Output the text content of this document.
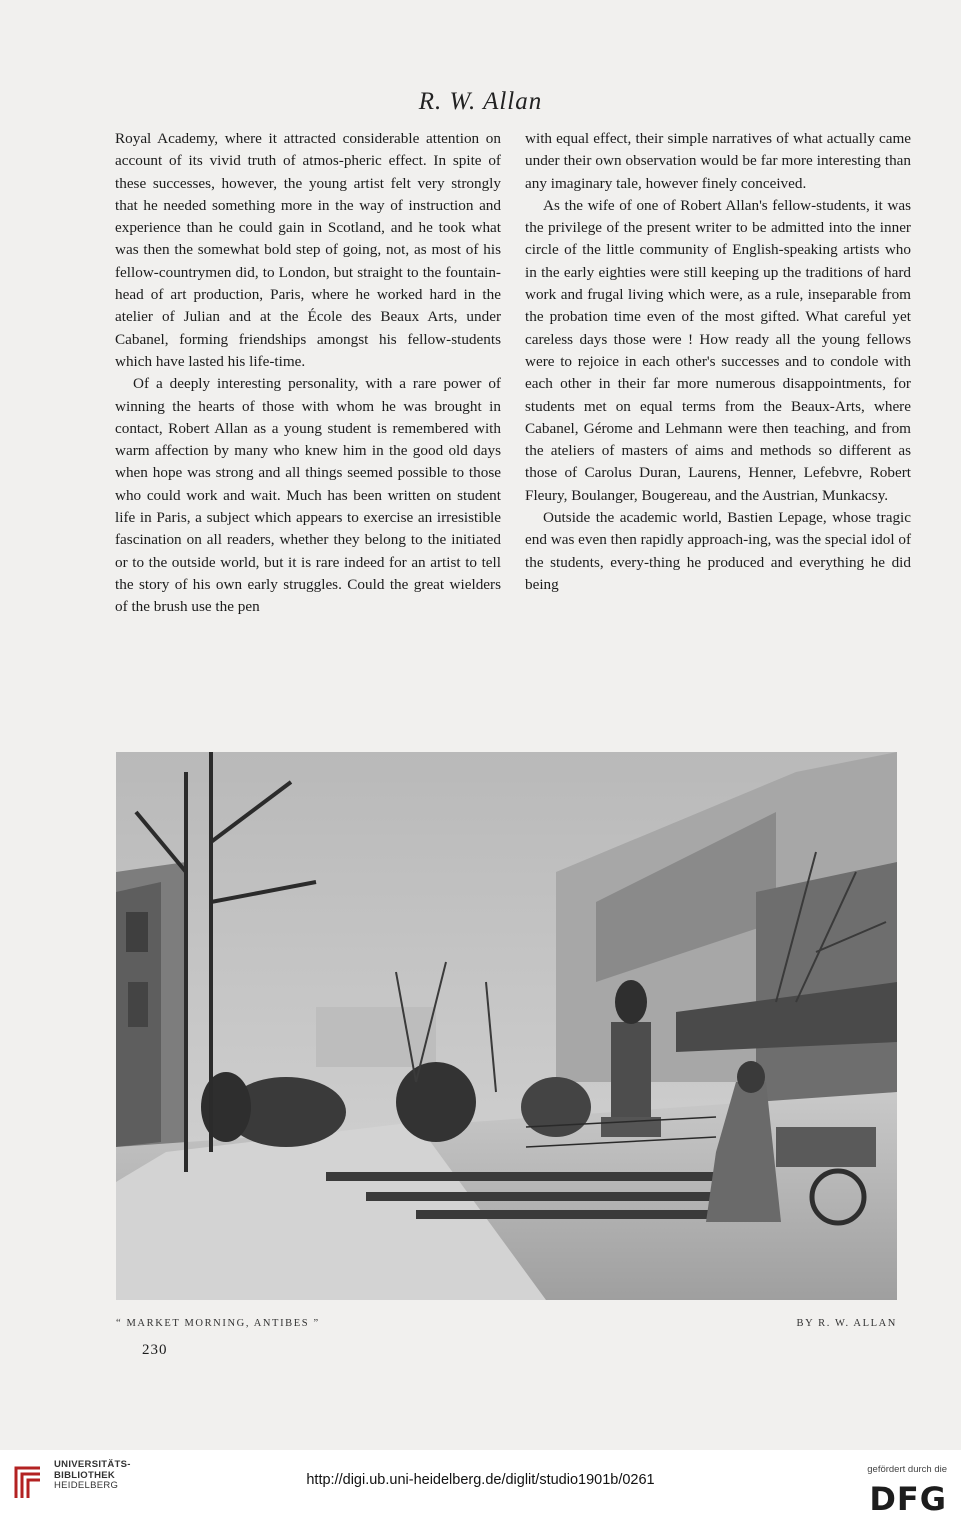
R. W. Allan

Royal Academy, where it attracted considerable attention on account of its vivid truth of atmos-pheric effect. In spite of these successes, however, the young artist felt very strongly that he needed something more in the way of instruction and experience than he could gain in Scotland, and he took what was then the somewhat bold step of going, not, as most of his fellow-countrymen did, to London, but straight to the fountain-head of art production, Paris, where he worked hard in the atelier of Julian and at the École des Beaux Arts, under Cabanel, forming friendships amongst his fellow-students which have lasted his life-time.

Of a deeply interesting personality, with a rare power of winning the hearts of those with whom he was brought in contact, Robert Allan as a young student is remembered with warm affection by many who knew him in the good old days when hope was strong and all things seemed possible to those who could work and wait. Much has been written on student life in Paris, a subject which appears to exercise an irresistible fascination on all readers, whether they belong to the initiated or to the outside world, but it is rare indeed for an artist to tell the story of his own early struggles. Could the great wielders of the brush use the pen

with equal effect, their simple narratives of what actually came under their own observation would be far more interesting than any imaginary tale, however finely conceived.

As the wife of one of Robert Allan's fellow-students, it was the privilege of the present writer to be admitted into the inner circle of the little community of English-speaking artists who in the early eighties were still keeping up the traditions of hard work and frugal living which were, as a rule, inseparable from the probation time even of the most gifted. What careful yet careless days those were ! How ready all the young fellows were to rejoice in each other's successes and to condole with each other in their far more numerous disappointments, for students met on equal terms from the Beaux-Arts, where Cabanel, Gérome and Lehmann were then teaching, and from the ateliers of masters of aims and methods so different as those of Carolus Duran, Laurens, Henner, Lefebvre, Robert Fleury, Boulanger, Bougereau, and the Austrian, Munkacsy.

Outside the academic world, Bastien Lepage, whose tragic end was even then rapidly approach-ing, was the special idol of the students, every-thing he produced and everything he did being

“ MARKET MORNING, ANTIBES ”	BY R. W. ALLAN
230
UNIVERSITÄTS-
BIBLIOTHEK
HEIDELBERG	http://digi.ub.uni-heidelberg.de/diglit/studio1901b/0261
gefördert durch die
DFG
